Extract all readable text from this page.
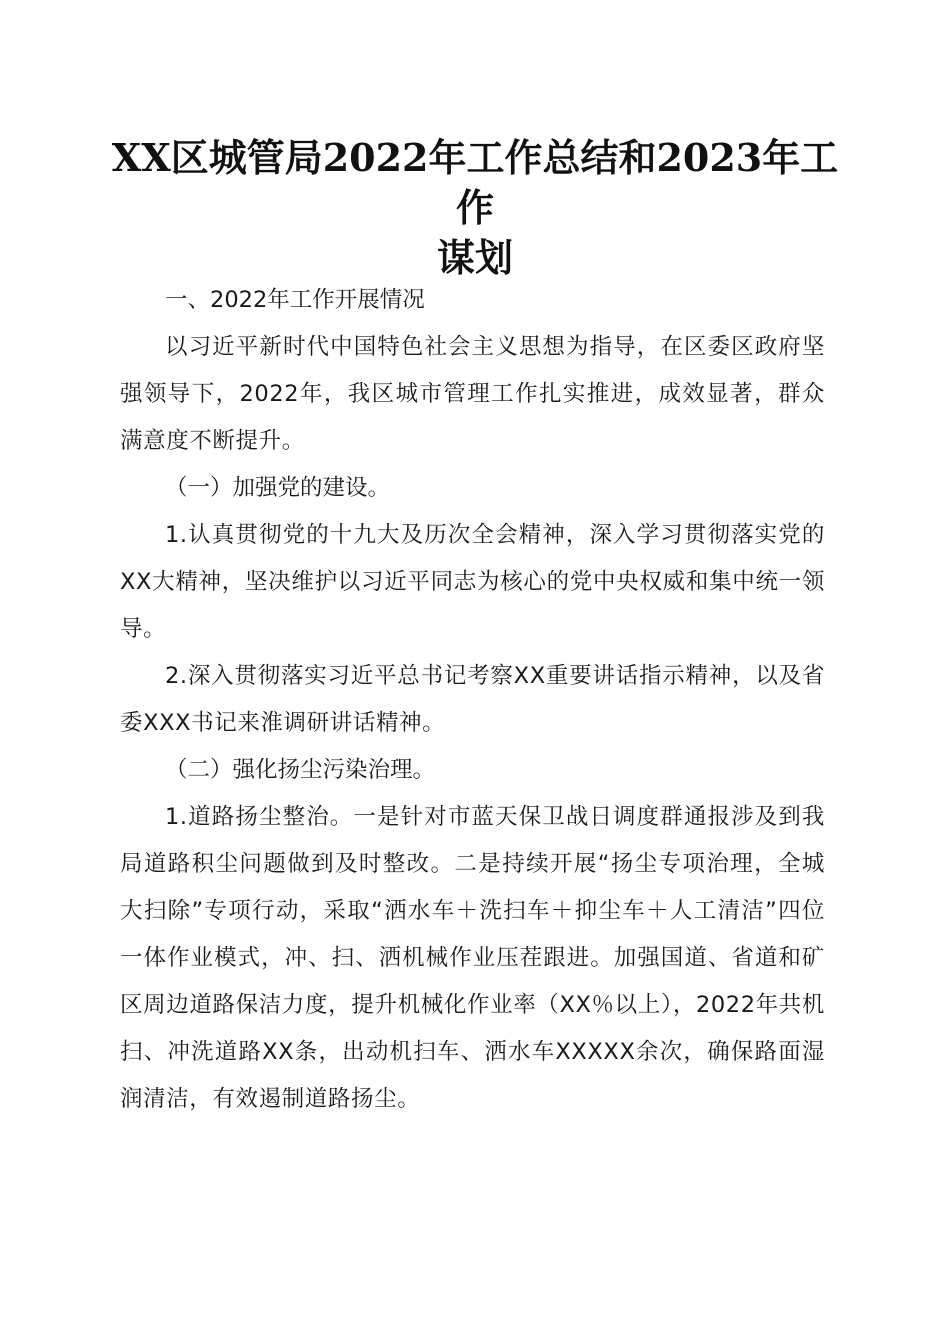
XX区城管局2022年工作总结和2023年工作
谋划

一、2022年工作开展情况

以习近平新时代中国特色社会主义思想为指导，在区委区政府坚强领导下，2022年，我区城市管理工作扎实推进，成效显著，群众满意度不断提升。

（一）加强党的建设。

1.认真贯彻党的十九大及历次全会精神，深入学习贯彻落实党的XX大精神，坚决维护以习近平同志为核心的党中央权威和集中统一领导。

2.深入贯彻落实习近平总书记考察XX重要讲话指示精神，以及省委XXX书记来淮调研讲话精神。

（二）强化扬尘污染治理。

1.道路扬尘整治。一是针对市蓝天保卫战日调度群通报涉及到我局道路积尘问题做到及时整改。二是持续开展“扬尘专项治理，全城大扫除”专项行动，采取“洒水车＋洗扫车＋抑尘车＋人工清洁”四位一体作业模式，冲、扫、洒机械作业压茬跟进。加强国道、省道和矿区周边道路保洁力度，提升机械化作业率（XX％以上），2022年共机扫、冲洗道路XX条，出动机扫车、洒水车XXXXX余次，确保路面湿润清洁，有效遏制道路扬尘。
